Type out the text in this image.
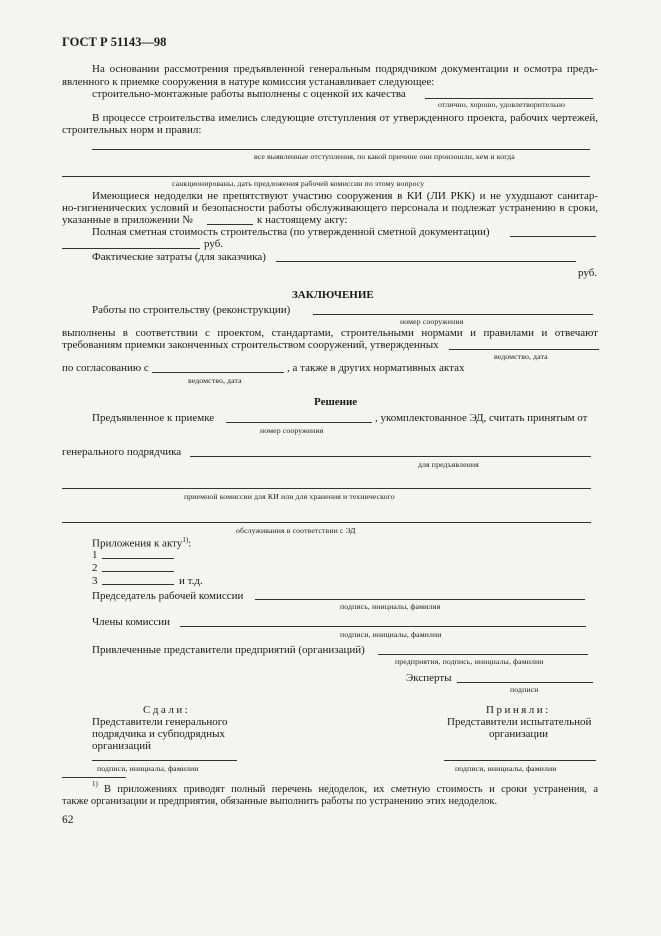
ГОСТ Р 51143—98
На основании рассмотрения предъявленной генеральным подрядчиком документации и осмотра предъ-
явленного к приемке сооружения в натуре комиссия устанавливает следующее:
строительно-монтажные работы выполнены с оценкой их качества
отлично, хорошо, удовлетворительно
В процессе строительства имелись следующие отступления от утвержденного проекта, рабочих чертежей,
строительных норм и правил:
все выявленные отступления, по какой причине они произошли, кем и когда
санкционированы, дать предложения рабочей комиссии по этому вопросу
Имеющиеся недоделки не препятствуют участию сооружения в КИ (ЛИ РКК) и не ухудшают санитар-
но-гигиенических условий и безопасности работы обслуживающего персонала и подлежат устранению в сроки,
указанные в приложении №	к настоящему акту:
Полная сметная стоимость строительства (по утвержденной сметной документации)
руб.
Фактические затраты (для заказчика)
руб.
ЗАКЛЮЧЕНИЕ
Работы по строительству (реконструкции)
номер сооружения
выполнены в соответствии с проектом, стандартами, строительными нормами и правилами и отвечают
требованиям приемки законченных строительством сооружений, утвержденных
ведомство, дата
по согласованию с	, а также в других нормативных актах
ведомство, дата
Решение
Предъявленное к приемке	, укомплектованное ЭД, считать принятым от
номер сооружения
генерального подрядчика
для предъявления
приемной комиссии для КИ или для хранения и технического
обслуживания в соответствии с ЭД
Приложения к акту$^{1)}$:
1
2
3	и т.д.
Председатель рабочей комиссии
подпись, инициалы, фамилия
Члены комиссии
подписи, инициалы, фамилии
Привлеченные представители предприятий (организаций)
предприятия, подпись, инициалы, фамилии
Эксперты
подписи
Сдали:
Представители генерального
подрядчика и субподрядных
организаций
подписи, инициалы, фамилии
Приняли:
Представители испытательной
организации
подписи, инициалы, фамилии
1) В приложениях приводят полный перечень недоделок, их сметную стоимость и сроки устранения, а
также организации и предприятия, обязанные выполнить работы по устранению этих недоделок.
62
